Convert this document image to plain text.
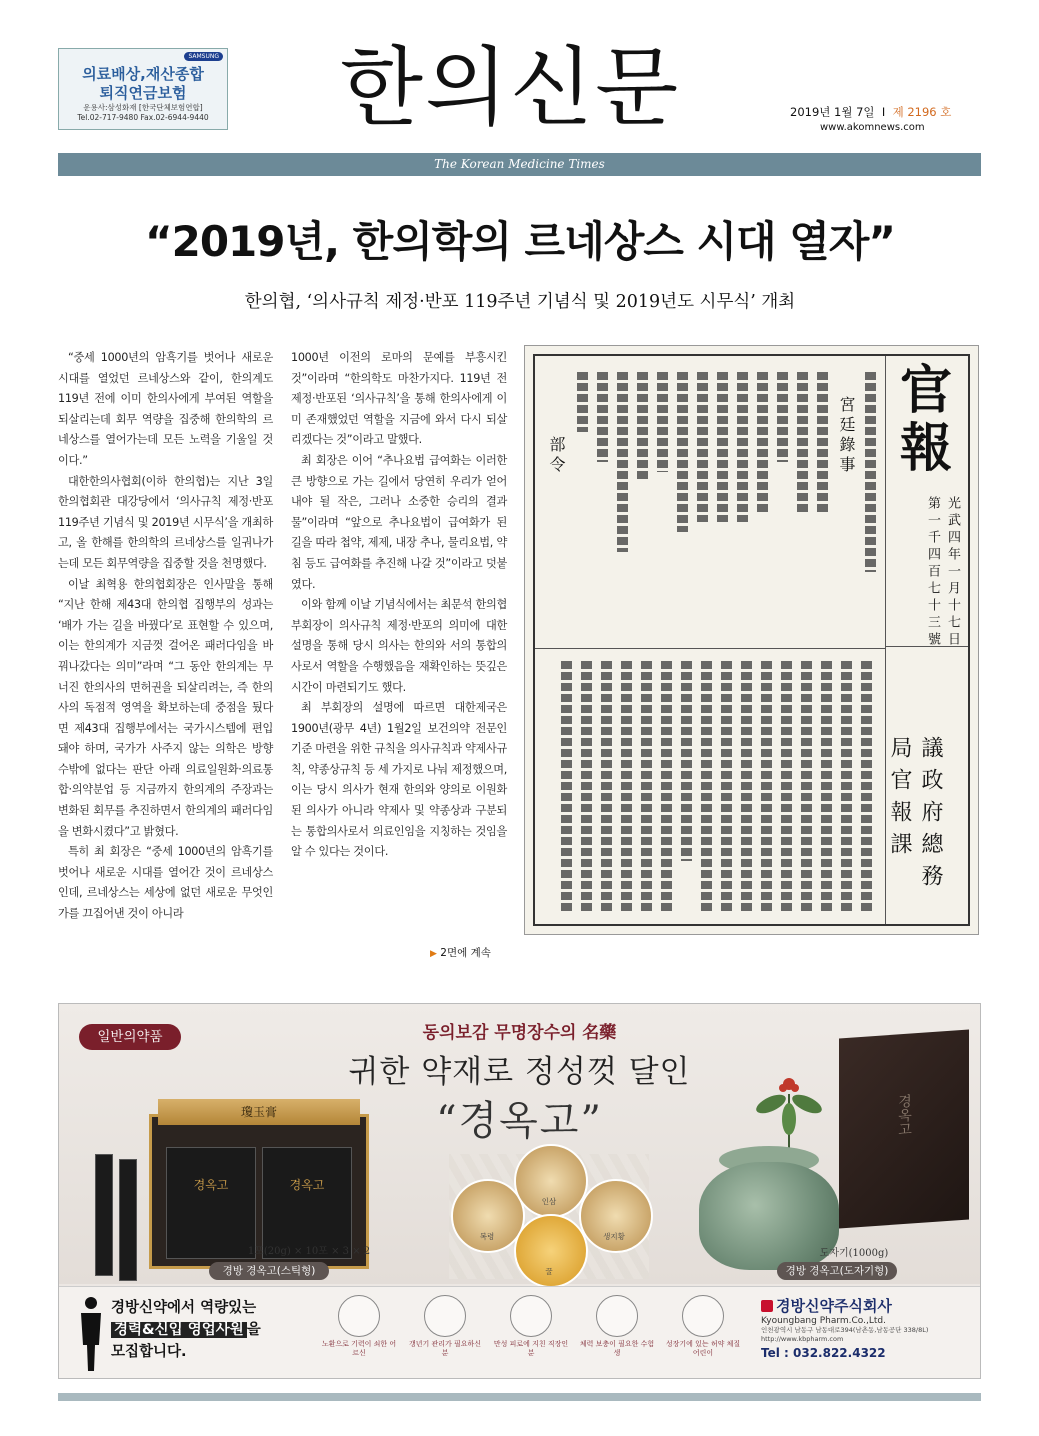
SAMSUNG
의료배상,재산종합
퇴직연금보험
운용사:삼성화재 [한국단체보험연합]
Tel.02-717-9480 Fax.02-6944-9440	한의신문	2019년 1월 7일 I 제 2196 호
www.akomnews.com
The Korean Medicine Times
“2019년, 한의학의 르네상스 시대 열자”
한의협, ‘의사규칙 제정·반포 119주년 기념식 및 2019년도 시무식’ 개최

“중세 1000년의 암흑기를 벗어나 새로운 시대를 열었던 르네상스와 같이, 한의계도 119년 전에 이미 한의사에게 부여된 역할을 되살리는데 회무 역량을 집중해 한의학의 르네상스를 열어가는데 모든 노력을 기울일 것이다.”

대한한의사협회(이하 한의협)는 지난 3일 한의협회관 대강당에서 ‘의사규칙 제정·반포 119주년 기념식 및 2019년 시무식’을 개최하고, 올 한해를 한의학의 르네상스를 일궈나가는데 모든 회무역량을 집중할 것을 천명했다.

이날 최혁용 한의협회장은 인사말을 통해 “지난 한해 제43대 한의협 집행부의 성과는 ‘배가 가는 길을 바꿨다’로 표현할 수 있으며, 이는 한의계가 지금껏 걸어온 패러다임을 바꿔나갔다는 의미”라며 “그 동안 한의계는 무너진 한의사의 면허권을 되살리려는, 즉 한의사의 독점적 영역을 확보하는데 중점을 뒀다면 제43대 집행부에서는 국가시스템에 편입돼야 하며, 국가가 사주지 않는 의학은 방향 수밖에 없다는 판단 아래 의료일원화·의료통합·의약분업 등 지금까지 한의계의 주장과는 변화된 회무를 추진하면서 한의계의 패러다임을 변화시켰다”고 밝혔다.

특히 최 회장은 “중세 1000년의 암흑기를 벗어나 새로운 시대를 열어간 것이 르네상스인데, 르네상스는 세상에 없던 새로운 무엇인가를 끄집어낸 것이 아니라

1000년 이전의 로마의 문예를 부흥시킨 것”이라며 “한의학도 마찬가지다. 119년 전 제정·반포된 ‘의사규칙’을 통해 한의사에게 이미 존재했었던 역할을 지금에 와서 다시 되살리겠다는 것”이라고 말했다.

최 회장은 이어 “추나요법 급여화는 이러한 큰 방향으로 가는 길에서 당연히 우리가 얻어내야 될 작은, 그러나 소중한 승리의 결과물”이라며 “앞으로 추나요법이 급여화가 된 길을 따라 첩약, 제제, 내장 추나, 물리요법, 약침 등도 급여화를 추진해 나갈 것”이라고 덧붙였다.

이와 함께 이날 기념식에서는 최문석 한의협 부회장이 의사규칙 제정·반포의 의미에 대한 설명을 통해 당시 의사는 한의와 서의 통합의사로서 역할을 수행했음을 재확인하는 뜻깊은 시간이 마련되기도 했다.

최 부회장의 설명에 따르면 대한제국은 1900년(광무 4년) 1월2일 보건의약 전문인 기준 마련을 위한 규칙을 의사규칙과 약제사규칙, 약종상규칙 등 세 가지로 나눠 제정했으며, 이는 당시 의사가 현재 한의와 양의로 이원화된 의사가 아니라 약제사 및 약종상과 구분되는 통합의사로서 의료인임을 지칭하는 것임을 알 수 있다는 것이다.

▶ 2면에 계속
官報
第一千四百七十三號 光武四年一月十七日
議政府總務局官報課
宮廷錄事
部令
일반의약품	동의보감 무명장수의 名藥
귀한 약재로 정성껏 달인
“경옥고”
瓊玉膏
경옥고	경옥고
1포(20g) × 10포 × 3 × 2
경방 경옥고(스틱형)
복령
인삼
생지황
꿀
경옥고
도자기(1000g)
경방 경옥고(도자기형)
경방신약에서 역량있는
경력&신입 영업사원 을
모집합니다.	노환으로 기력이 쇠한 어르신
갱년기 관리가 필요하신 분
만성 피로에 지친 직장인 분
체력 보충이 필요한 수험생
성장기에 있는 허약 체질 어린이
경방신약주식회사
Kyoungbang Pharm.Co.,Ltd.
인천광역시 남동구 남동대로394(남촌동,남동공단 338/8L)
http://www.kbpharm.com
Tel : 032.822.4322
